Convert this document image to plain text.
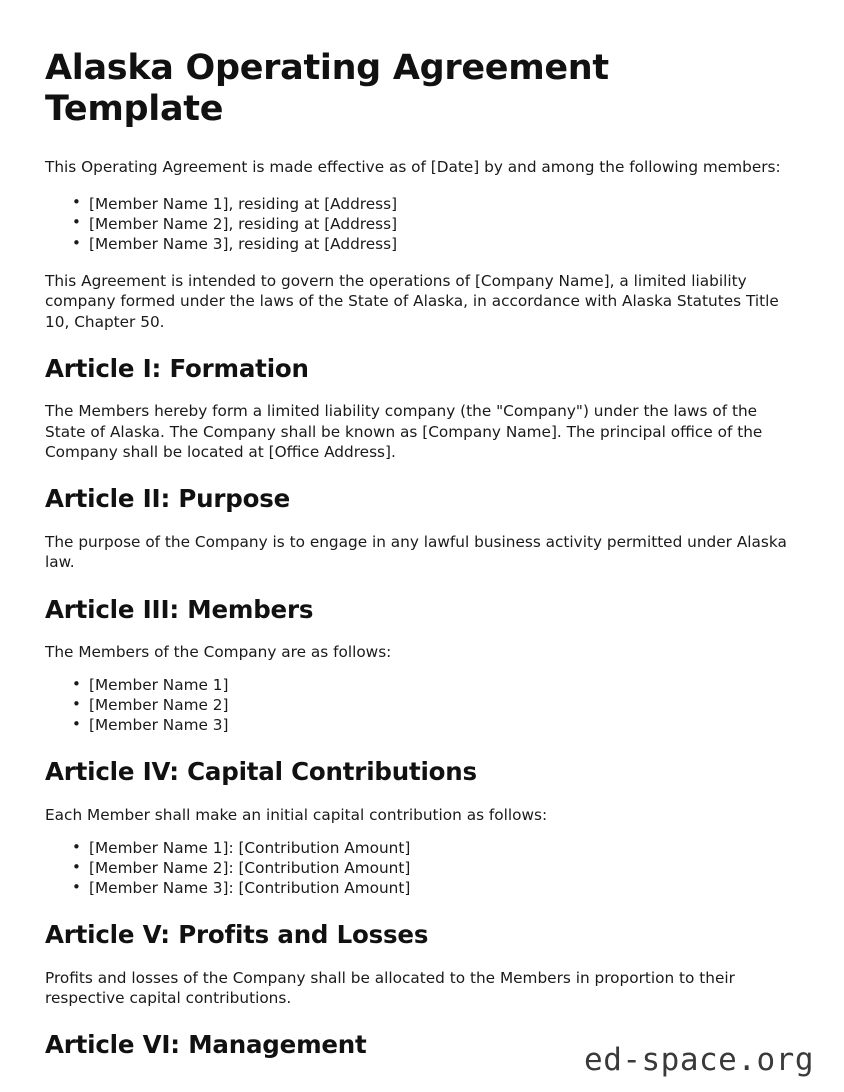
Alaska Operating Agreement Template

This Operating Agreement is made effective as of [Date] by and among the following members:

• [Member Name 1], residing at [Address]
• [Member Name 2], residing at [Address]
• [Member Name 3], residing at [Address]

This Agreement is intended to govern the operations of [Company Name], a limited liability company formed under the laws of the State of Alaska, in accordance with Alaska Statutes Title 10, Chapter 50.

Article I: Formation

The Members hereby form a limited liability company (the "Company") under the laws of the State of Alaska. The Company shall be known as [Company Name]. The principal office of the Company shall be located at [Office Address].

Article II: Purpose

The purpose of the Company is to engage in any lawful business activity permitted under Alaska law.

Article III: Members

The Members of the Company are as follows:

• [Member Name 1]
• [Member Name 2]
• [Member Name 3]
Article IV: Capital Contributions

Each Member shall make an initial capital contribution as follows:

• [Member Name 1]: [Contribution Amount]
• [Member Name 2]: [Contribution Amount]
• [Member Name 3]: [Contribution Amount]
Article V: Profits and Losses

Profits and losses of the Company shall be allocated to the Members in proportion to their respective capital contributions.

Article VI: Management	ed-space.org
